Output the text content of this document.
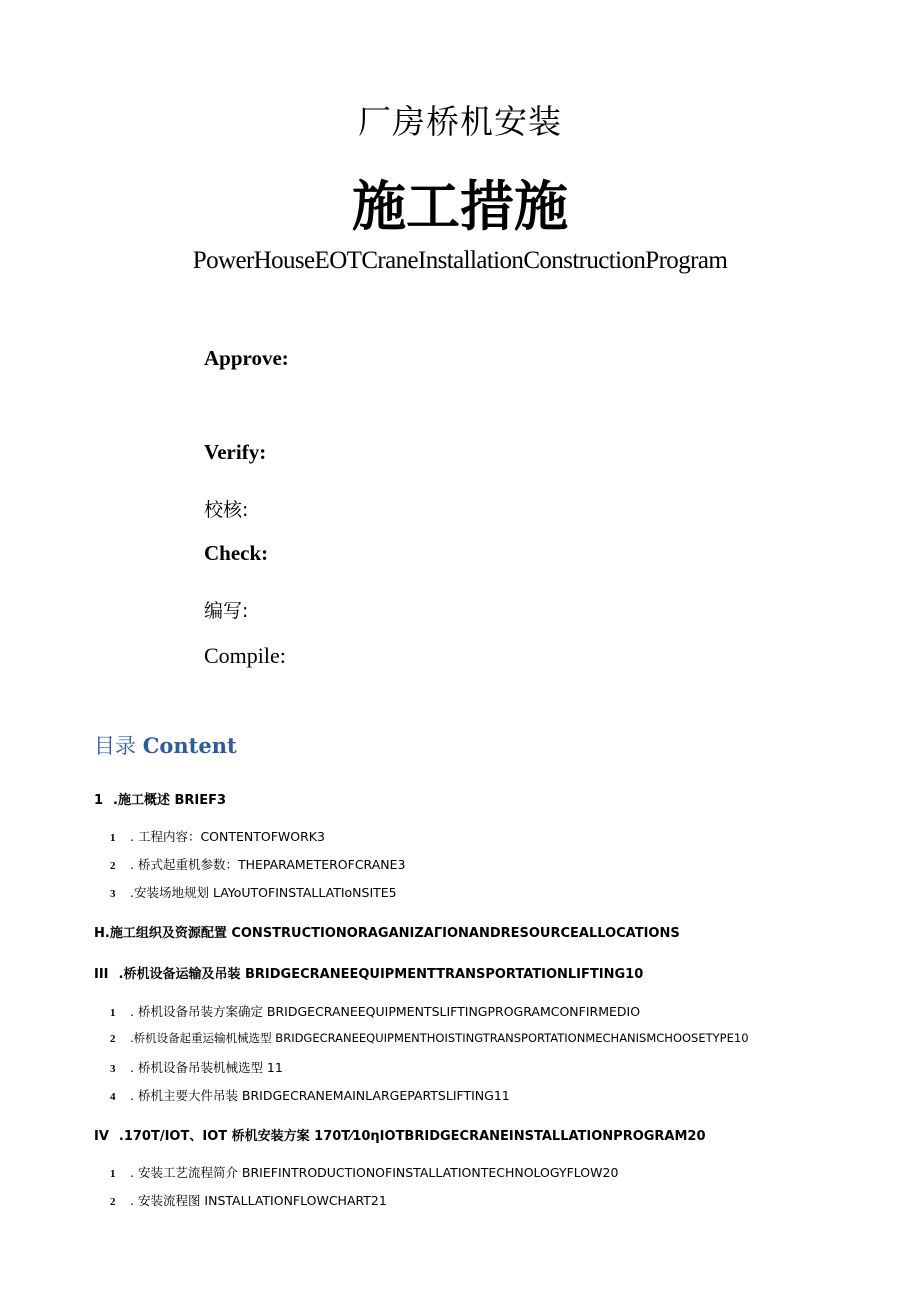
厂房桥机安装
施工措施
PowerHouseEOTCraneInstallationConstructionProgram
Approve:
Verify:
校核:
Check:
编写:
Compile:
目录 Content
1 .施工概述 BRIEF3
1 . 工程内容：CONTENTOFWORK3
2 . 桥式起重机参数：THEPARAMETEROFCRANE3
3 .安装场地规划 LAYoUTOFINSTALLATIoNSITE5
H.施工组织及资源配置 CONSTRUCTIONORAGANIZAΓIONANDRESOURCEALLOCATIONS
III .桥机设备运输及吊装 BRIDGECRANEEQUIPMENTTRANSPORTATIONLIFTING10
1 . 桥机设备吊装方案确定 BRIDGECRANEEQUIPMENTSLIFTINGPROGRAMCONFIRMEDIO
2 .桥机设备起重运输机械选型 BRIDGECRANEEQUIPMENTHOISTINGTRANSPORTATIONMECHANISMCHOOSETYPE10
3 . 桥机设备吊装机械选型 11
4 . 桥机主要大件吊装 BRIDGECRANEMAINLARGEPARTSLIFTING11
IV .170T/IOT、IOT 桥机安装方案 170T⁄10ηIOTBRIDGECRANEINSTALLATIONPROGRAM20
1 . 安装工艺流程简介 BRIEFINTRODUCTIONOFINSTALLATIONTECHNOLOGYFLOW20
2 . 安装流程图 INSTALLATIONFLOWCHART21
